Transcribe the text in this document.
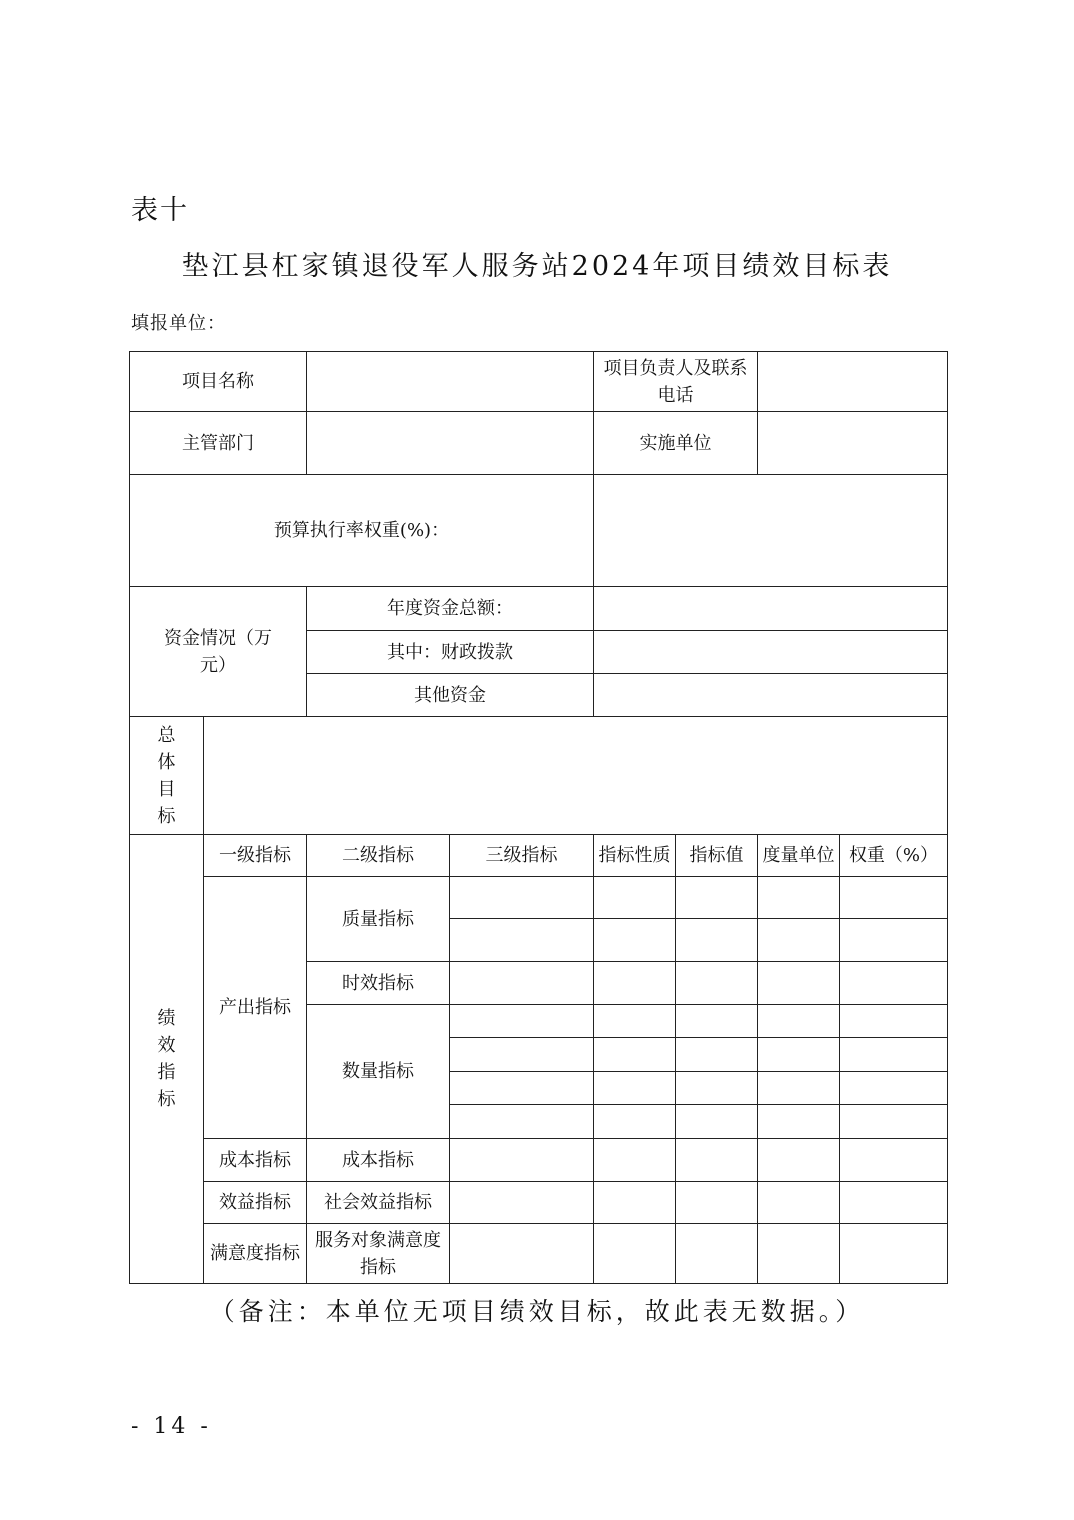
表十
垫江县杠家镇退役军人服务站2024年项目绩效目标表
填报单位：
项目名称				项目负责人及联系电话			
主管部门				实施单位			
预算执行率权重(%)：							
资金情况（万元）		年度资金总额：					
		其中：财政拨款					
		其他资金					
总体目标							
绩效指标	一级指标	二级指标	三级指标	指标性质	指标值	度量单位	权重（%）
	产出指标	质量指标					

		时效指标					
		数量指标					

	成本指标	成本指标					
	效益指标	社会效益指标					
	满意度指标	服务对象满意度指标					
（备注：本单位无项目绩效目标，故此表无数据。）
- 14 -
